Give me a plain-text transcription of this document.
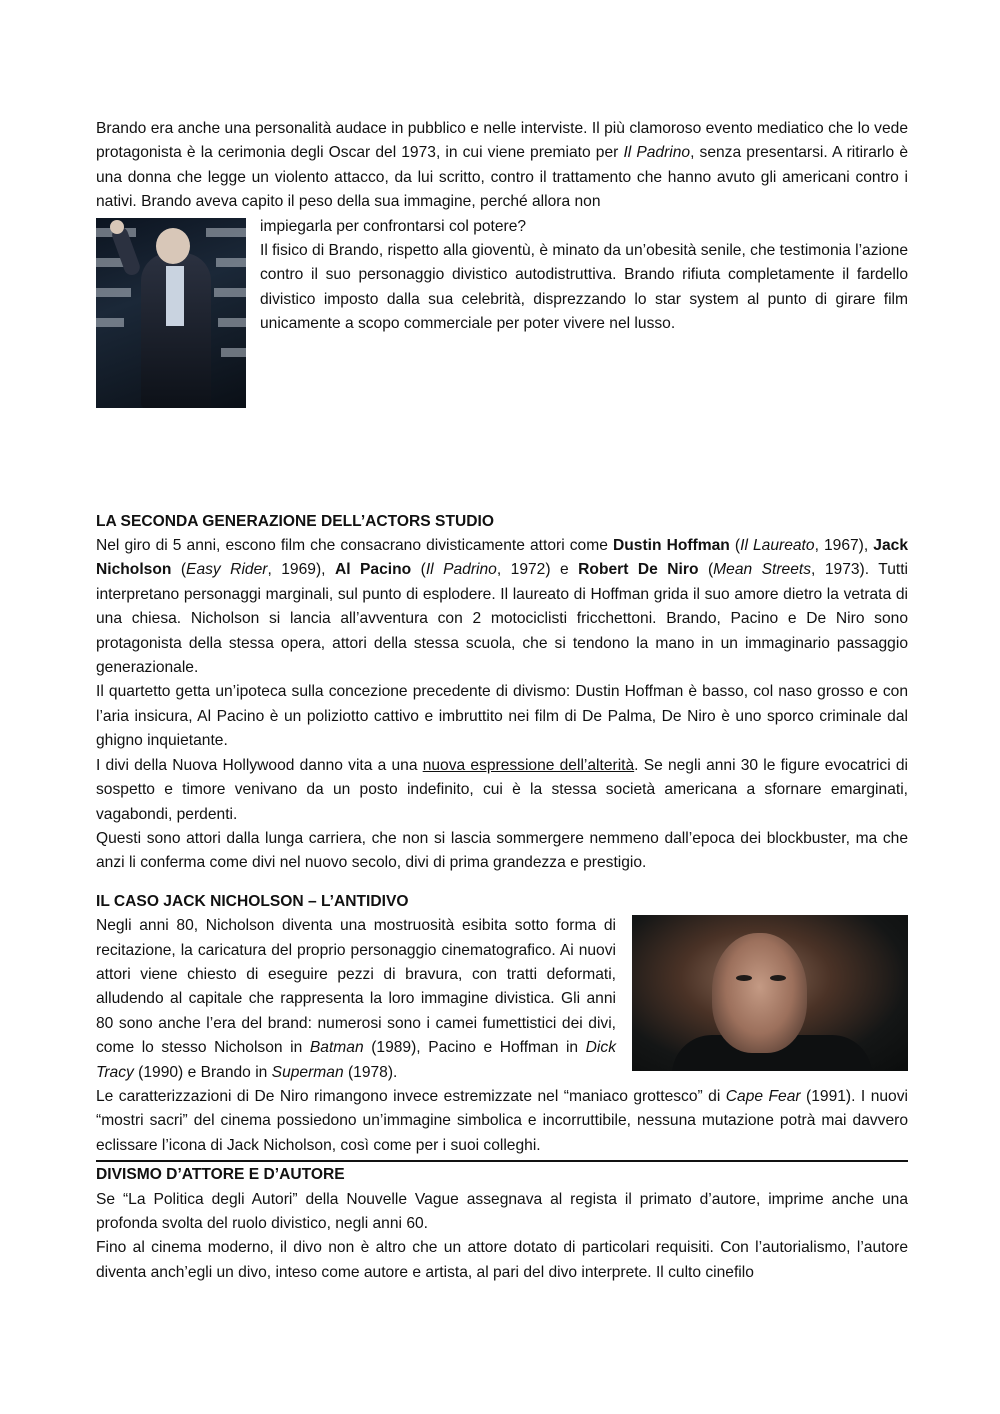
Brando era anche una personalità audace in pubblico e nelle interviste. Il più clamoroso evento mediatico che lo vede protagonista è la cerimonia degli Oscar del 1973, in cui viene premiato per Il Padrino, senza presentarsi. A ritirarlo è una donna che legge un violento attacco, da lui scritto, contro il trattamento che hanno avuto gli americani contro i nativi. Brando aveva capito il peso della sua immagine, perché allora non

impiegarla per confrontarsi col potere?

Il fisico di Brando, rispetto alla gioventù, è minato da un’obesità senile, che testimonia l’azione contro il suo personaggio divistico autodistruttiva. Brando rifiuta completamente il fardello divistico imposto dalla sua celebrità, disprezzando lo star system al punto di girare film unicamente a scopo commerciale per poter vivere nel lusso.

LA SECONDA GENERAZIONE DELL’ACTORS STUDIO

Nel giro di 5 anni, escono film che consacrano divisticamente attori come Dustin Hoffman (Il Laureato, 1967), Jack Nicholson (Easy Rider, 1969), Al Pacino (Il Padrino, 1972) e Robert De Niro (Mean Streets, 1973). Tutti interpretano personaggi marginali, sul punto di esplodere. Il laureato di Hoffman grida il suo amore dietro la vetrata di una chiesa. Nicholson si lancia all’avventura con 2 motociclisti fricchettoni. Brando, Pacino e De Niro sono protagonista della stessa opera, attori della stessa scuola, che si tendono la mano in un immaginario passaggio generazionale.

Il quartetto getta un’ipoteca sulla concezione precedente di divismo: Dustin Hoffman è basso, col naso grosso e con l’aria insicura, Al Pacino è un poliziotto cattivo e imbruttito nei film di De Palma, De Niro è uno sporco criminale dal ghigno inquietante.

I divi della Nuova Hollywood danno vita a una nuova espressione dell’alterità. Se negli anni 30 le figure evocatrici di sospetto e timore venivano da un posto indefinito, cui è la stessa società americana a sfornare emarginati, vagabondi, perdenti.

Questi sono attori dalla lunga carriera, che non si lascia sommergere nemmeno dall’epoca dei blockbuster, ma che anzi li conferma come divi nel nuovo secolo, divi di prima grandezza e prestigio.

IL CASO JACK NICHOLSON – L’ANTIDIVO

Negli anni 80, Nicholson diventa una mostruosità esibita sotto forma di recitazione, la caricatura del proprio personaggio cinematografico. Ai nuovi attori viene chiesto di eseguire pezzi di bravura, con tratti deformati, alludendo al capitale che rappresenta la loro immagine divistica. Gli anni 80 sono anche l’era del brand: numerosi sono i camei fumettistici dei divi, come lo stesso Nicholson in Batman (1989), Pacino e Hoffman in Dick Tracy (1990) e Brando in Superman (1978).

Le caratterizzazioni di De Niro rimangono invece estremizzate nel “maniaco grottesco” di Cape Fear (1991). I nuovi “mostri sacri” del cinema possiedono un’immagine simbolica e incorruttibile, nessuna mutazione potrà mai davvero eclissare l’icona di Jack Nicholson, così come per i suoi colleghi.

DIVISMO D’ATTORE E D’AUTORE

Se “La Politica degli Autori” della Nouvelle Vague assegnava al regista il primato d’autore, imprime anche una profonda svolta del ruolo divistico, negli anni 60.

Fino al cinema moderno, il divo non è altro che un attore dotato di particolari requisiti. Con l’autorialismo, l’autore diventa anch’egli un divo, inteso come autore e artista, al pari del divo interprete. Il culto cinefilo
